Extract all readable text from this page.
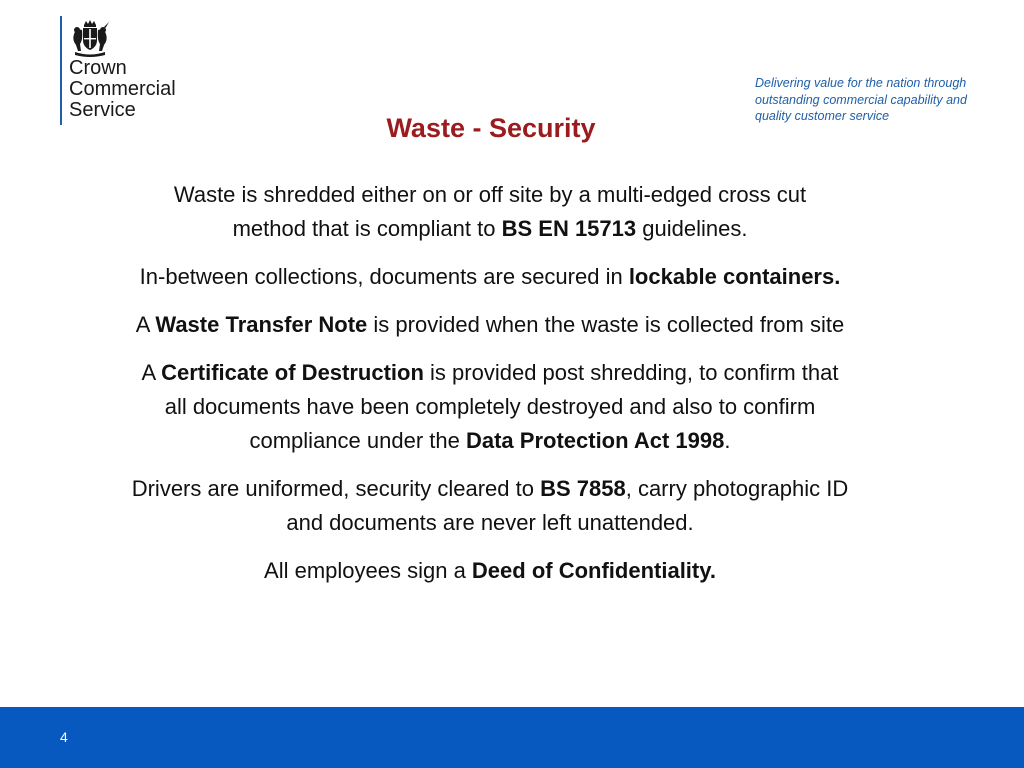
Crown
Commercial
Service
Delivering value for the nation through
outstanding commercial capability and
quality customer service
Waste - Security

Waste is shredded either on or off site by a multi-edged cross cut
method that is compliant to BS EN 15713 guidelines.

In-between collections, documents are secured in lockable containers.

A Waste Transfer Note is provided when the waste is collected from site

A Certificate of Destruction is provided post shredding, to confirm that
all documents have been completely destroyed and also to confirm
compliance under the Data Protection Act 1998.

Drivers are uniformed, security cleared to BS 7858, carry photographic ID
and documents are never left unattended.

All employees sign a Deed of Confidentiality.

4
